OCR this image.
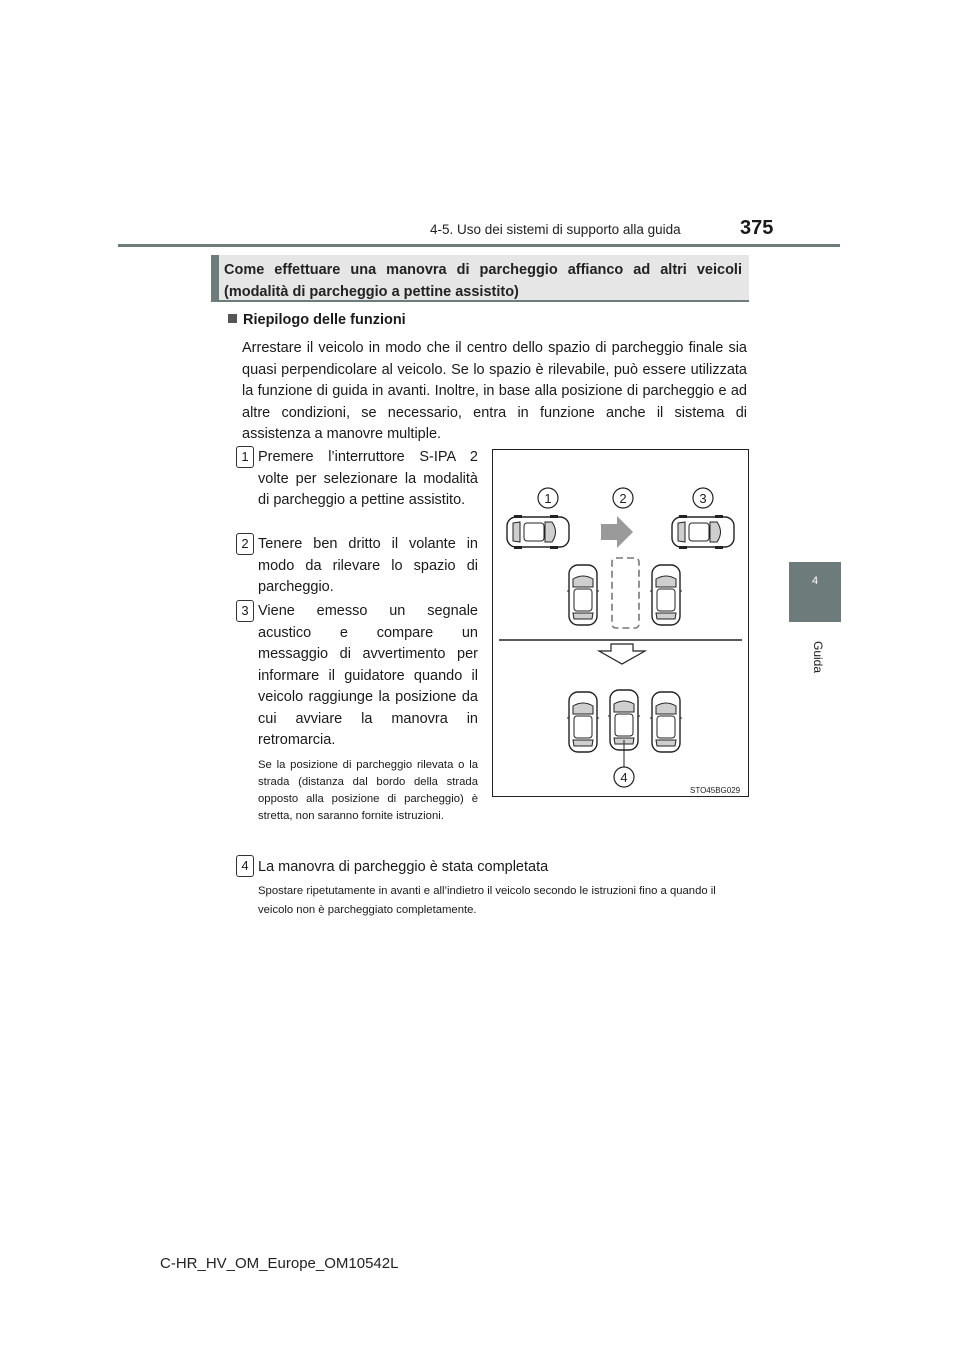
4-5. Uso dei sistemi di supporto alla guida	375
4
Guida
Come effettuare una manovra di parcheggio affianco ad altri veicoli (modalità di parcheggio a pettine assistito)
Riepilogo delle funzioni
Arrestare il veicolo in modo che il centro dello spazio di parcheggio finale sia quasi perpendicolare al veicolo. Se lo spazio è rilevabile, può essere utilizzata la funzione di guida in avanti. Inoltre, in base alla posizione di parcheggio e ad altre condizioni, se necessario, entra in funzione anche il sistema di assistenza a manovre multiple.
1 Premere l’interruttore S-IPA 2 volte per selezionare la modalità di parcheggio a pettine assistito.
2 Tenere ben dritto il volante in modo da rilevare lo spazio di parcheggio.
3 Viene emesso un segnale acustico e compare un messaggio di avvertimento per informare il guidatore quando il veicolo raggiunge la posizione da cui avviare la manovra in retromarcia.
Se la posizione di parcheggio rilevata o la strada (distanza dal bordo della strada opposto alla posizione di parcheggio) è stretta, non saranno fornite istruzioni.
4 La manovra di parcheggio è stata completata
Spostare ripetutamente in avanti e all’indietro il veicolo secondo le istruzioni fino a quando il veicolo non è parcheggiato completamente.
1	2	3
4
STO45BG029
C-HR_HV_OM_Europe_OM10542L
